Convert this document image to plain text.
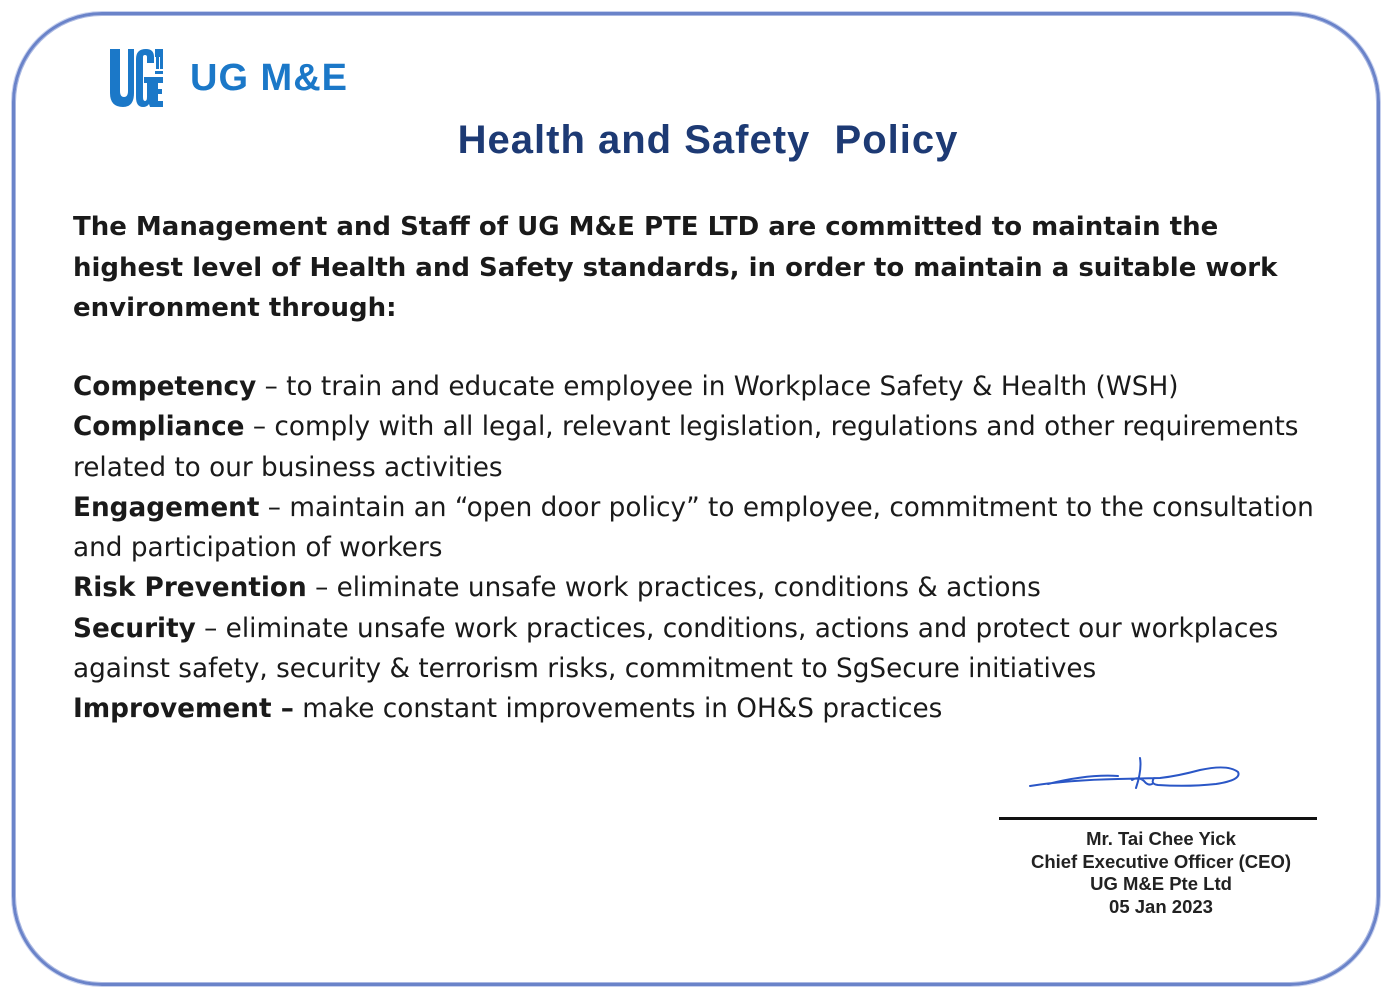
UG M&E
Health and Safety  Policy
The Management and Staff of UG M&E PTE LTD are committed to maintain the highest level of Health and Safety standards, in order to maintain a suitable work environment through:

Competency – to train and educate employee in Workplace Safety & Health (WSH)

Compliance – comply with all legal, relevant legislation, regulations and other requirements related to our business activities

Engagement – maintain an “open door policy” to employee, commitment to the consultation and participation of workers

Risk Prevention – eliminate unsafe work practices, conditions & actions

Security – eliminate unsafe work practices, conditions, actions and protect our workplaces against safety, security & terrorism risks, commitment to SgSecure initiatives

Improvement – make constant improvements in OH&S practices

Mr. Tai Chee Yick
Chief Executive Officer (CEO)
UG M&E Pte Ltd
05 Jan 2023
